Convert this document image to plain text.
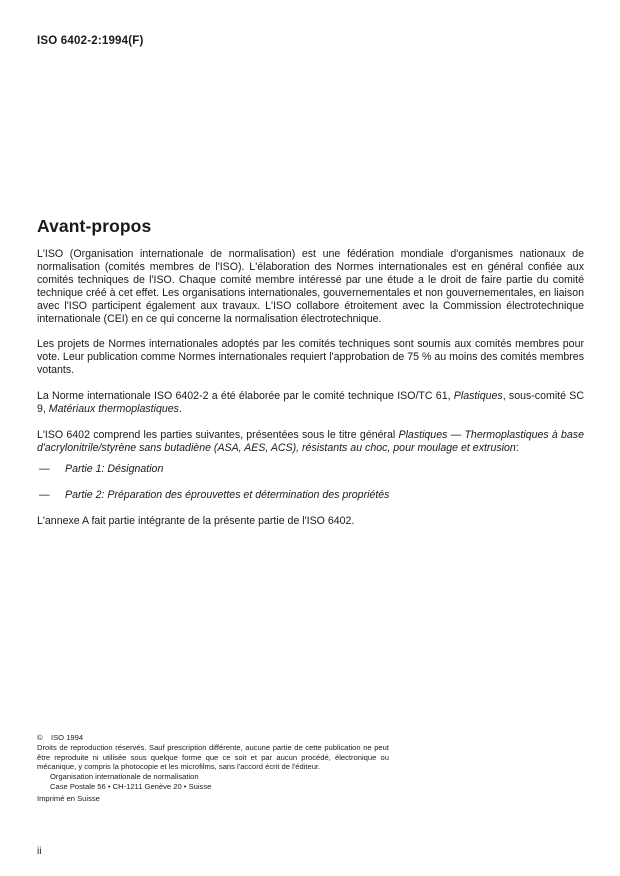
ISO 6402-2:1994(F)
Avant-propos

L'ISO (Organisation internationale de normalisation) est une fédération mondiale d'organismes nationaux de normalisation (comités membres de l'ISO). L'élaboration des Normes internationales est en général confiée aux comités techniques de l'ISO. Chaque comité membre intéressé par une étude a le droit de faire partie du comité technique créé à cet effet. Les organisations internationales, gouvernementales et non gouvernementales, en liaison avec l'ISO participent également aux travaux. L'ISO collabore étroitement avec la Commission électrotechnique internationale (CEI) en ce qui concerne la normalisation électrotechnique.

Les projets de Normes internationales adoptés par les comités techniques sont soumis aux comités membres pour vote. Leur publication comme Normes internationales requiert l'approbation de 75 % au moins des comités membres votants.

La Norme internationale ISO 6402-2 a été élaborée par le comité technique ISO/TC 61, Plastiques, sous-comité SC 9, Matériaux thermoplastiques.

L'ISO 6402 comprend les parties suivantes, présentées sous le titre général Plastiques — Thermoplastiques à base d'acrylonitrile/styrène sans butadiène (ASA, AES, ACS), résistants au choc, pour moulage et extrusion:

—	Partie 1: Désignation
—	Partie 2: Préparation des éprouvettes et détermination des propriétés

L'annexe A fait partie intégrante de la présente partie de l'ISO 6402.

© ISO 1994
Droits de reproduction réservés. Sauf prescription différente, aucune partie de cette publication ne peut être reproduite ni utilisée sous quelque forme que ce soit et par aucun procédé, électronique ou mécanique, y compris la photocopie et les microfilms, sans l'accord écrit de l'éditeur.
Organisation internationale de normalisation
Case Postale 56 • CH-1211 Genève 20 • Suisse
Imprimé en Suisse
ii
